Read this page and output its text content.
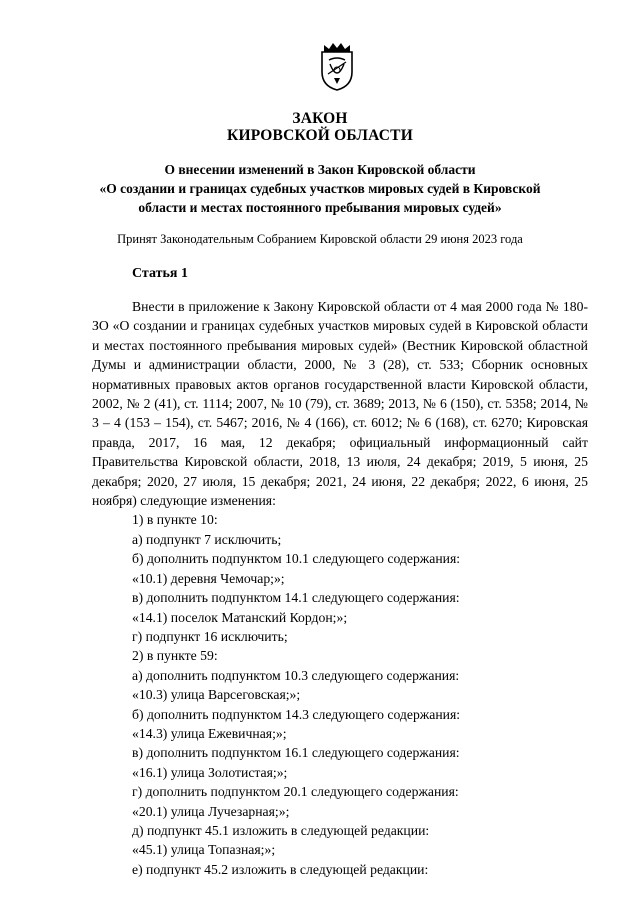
ЗАКОН
КИРОВСКОЙ ОБЛАСТИ
О внесении изменений в Закон Кировской области
«О создании и границах судебных участков мировых судей в Кировской
области и местах постоянного пребывания мировых судей»
Принят Законодательным Собранием Кировской области 29 июня 2023 года
Статья 1

Внести в приложение к Закону Кировской области от 4 мая 2000 года № 180-ЗО «О создании и границах судебных участков мировых судей в Кировской области и местах постоянного пребывания мировых судей» (Вестник Кировской областной Думы и администрации области, 2000, № 3 (28), ст. 533; Сборник основных нормативных правовых актов органов государственной власти Кировской области, 2002, № 2 (41), ст. 1114; 2007, № 10 (79), ст. 3689; 2013, № 6 (150), ст. 5358; 2014, № 3 – 4 (153 – 154), ст. 5467; 2016, № 4 (166), ст. 6012; № 6 (168), ст. 6270; Кировская правда, 2017, 16 мая, 12 декабря; официальный информационный сайт Правительства Кировской области, 2018, 13 июля, 24 декабря; 2019, 5 июня, 25 декабря; 2020, 27 июля, 15 декабря; 2021, 24 июня, 22 декабря; 2022, 6 июня, 25 ноября) следующие изменения:

1) в пункте 10:
а) подпункт 7 исключить;
б) дополнить подпунктом 10.1 следующего содержания:
«10.1) деревня Чемочар;»;
в) дополнить подпунктом 14.1 следующего содержания:
«14.1) поселок Матанский Кордон;»;
г) подпункт 16 исключить;
2) в пункте 59:
а) дополнить подпунктом 10.3 следующего содержания:
«10.3) улица Варсеговская;»;
б) дополнить подпунктом 14.3 следующего содержания:
«14.3) улица Ежевичная;»;
в) дополнить подпунктом 16.1 следующего содержания:
«16.1) улица Золотистая;»;
г) дополнить подпунктом 20.1 следующего содержания:
«20.1) улица Лучезарная;»;
д) подпункт 45.1 изложить в следующей редакции:
«45.1) улица Топазная;»;
е) подпункт 45.2 изложить в следующей редакции:
